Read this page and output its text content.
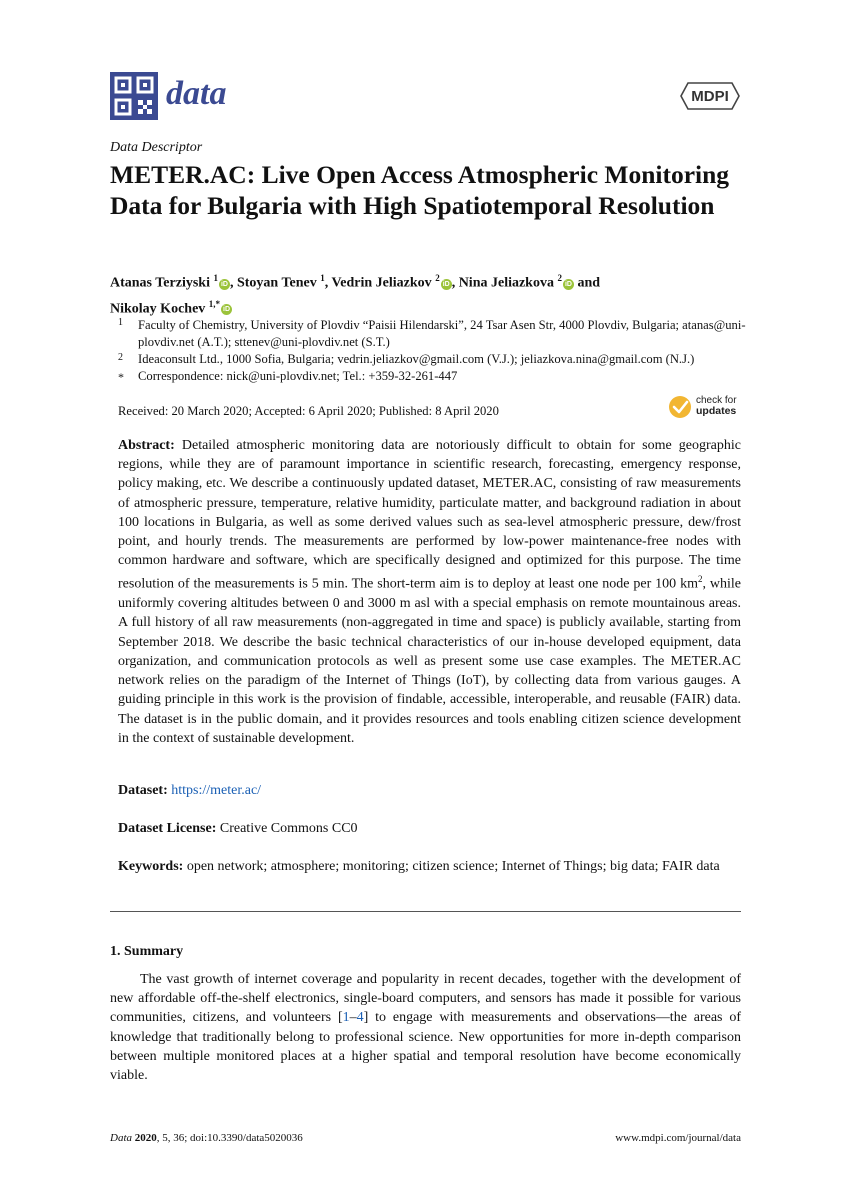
data	MDPI
Data Descriptor
METER.AC: Live Open Access Atmospheric Monitoring Data for Bulgaria with High Spatiotemporal Resolution
Atanas Terziyski $^1$iD , Stoyan Tenev $^1$, Vedrin Jeliazkov $^2$iD , Nina Jeliazkova $^2$iD and
Nikolay Kochev $^{1,*}$iD
1 Faculty of Chemistry, University of Plovdiv “Paisii Hilendarski”, 24 Tsar Asen Str, 4000 Plovdiv, Bulgaria; atanas@uni-plovdiv.net (A.T.); sttenev@uni-plovdiv.net (S.T.)
2 Ideaconsult Ltd., 1000 Sofia, Bulgaria; vedrin.jeliazkov@gmail.com (V.J.); jeliazkova.nina@gmail.com (N.J.)
* Correspondence: nick@uni-plovdiv.net; Tel.: +359-32-261-447
Received: 20 March 2020; Accepted: 6 April 2020; Published: 8 April 2020
check for
updates

Abstract: Detailed atmospheric monitoring data are notoriously difficult to obtain for some geographic regions, while they are of paramount importance in scientific research, forecasting, emergency response, policy making, etc. We describe a continuously updated dataset, METER.AC, consisting of raw measurements of atmospheric pressure, temperature, relative humidity, particulate matter, and background radiation in about 100 locations in Bulgaria, as well as some derived values such as sea-level atmospheric pressure, dew/frost point, and hourly trends. The measurements are performed by low-power maintenance-free nodes with common hardware and software, which are specifically designed and optimized for this purpose. The time resolution of the measurements is 5 min. The short-term aim is to deploy at least one node per 100 $km^2$, while uniformly covering altitudes between 0 and 3000 m asl with a special emphasis on remote mountainous areas. A full history of all raw measurements (non-aggregated in time and space) is publicly available, starting from September 2018. We describe the basic technical characteristics of our in-house developed equipment, data organization, and communication protocols as well as present some use case examples. The METER.AC network relies on the paradigm of the Internet of Things (IoT), by collecting data from various gauges. A guiding principle in this work is the provision of findable, accessible, interoperable, and reusable (FAIR) data. The dataset is in the public domain, and it provides resources and tools enabling citizen science development in the context of sustainable development.

Dataset: https://meter.ac/
Dataset License: Creative Commons CC0

Keywords: open network; atmosphere; monitoring; citizen science; Internet of Things; big data; FAIR data

1. Summary

The vast growth of internet coverage and popularity in recent decades, together with the development of new affordable off-the-shelf electronics, single-board computers, and sensors has made it possible for various communities, citizens, and volunteers [1–4] to engage with measurements and observations—the areas of knowledge that traditionally belong to professional science. New opportunities for more in-depth comparison between multiple monitored places at a higher spatial and temporal resolution have become economically viable.

Data 2020, 5, 36; doi:10.3390/data5020036	www.mdpi.com/journal/data
